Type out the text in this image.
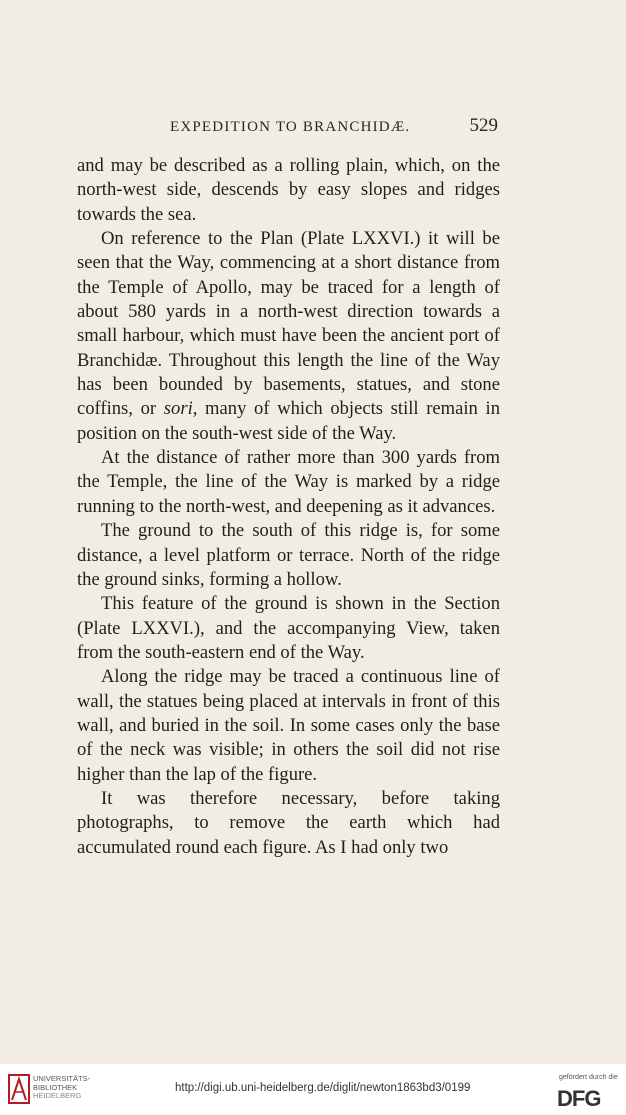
EXPEDITION TO BRANCHIDÆ.	529

and may be described as a rolling plain, which, on the north-west side, descends by easy slopes and ridges towards the sea.

On reference to the Plan (Plate LXXVI.) it will be seen that the Way, commencing at a short distance from the Temple of Apollo, may be traced for a length of about 580 yards in a north-west direction towards a small harbour, which must have been the ancient port of Branchidæ. Throughout this length the line of the Way has been bounded by basements, statues, and stone coffins, or sori, many of which objects still remain in position on the south-west side of the Way.

At the distance of rather more than 300 yards from the Temple, the line of the Way is marked by a ridge running to the north-west, and deepening as it advances.

The ground to the south of this ridge is, for some distance, a level platform or terrace. North of the ridge the ground sinks, forming a hollow.

This feature of the ground is shown in the Section (Plate LXXVI.), and the accompanying View, taken from the south-eastern end of the Way.

Along the ridge may be traced a continuous line of wall, the statues being placed at intervals in front of this wall, and buried in the soil. In some cases only the base of the neck was visible; in others the soil did not rise higher than the lap of the figure.

It was therefore necessary, before taking photographs, to remove the earth which had accumulated round each figure. As I had only two

UNIVERSITÄTS-
BIBLIOTHEK
HEIDELBERG
http://digi.ub.uni-heidelberg.de/diglit/newton1863bd3/0199
gefördert durch die
DFG
